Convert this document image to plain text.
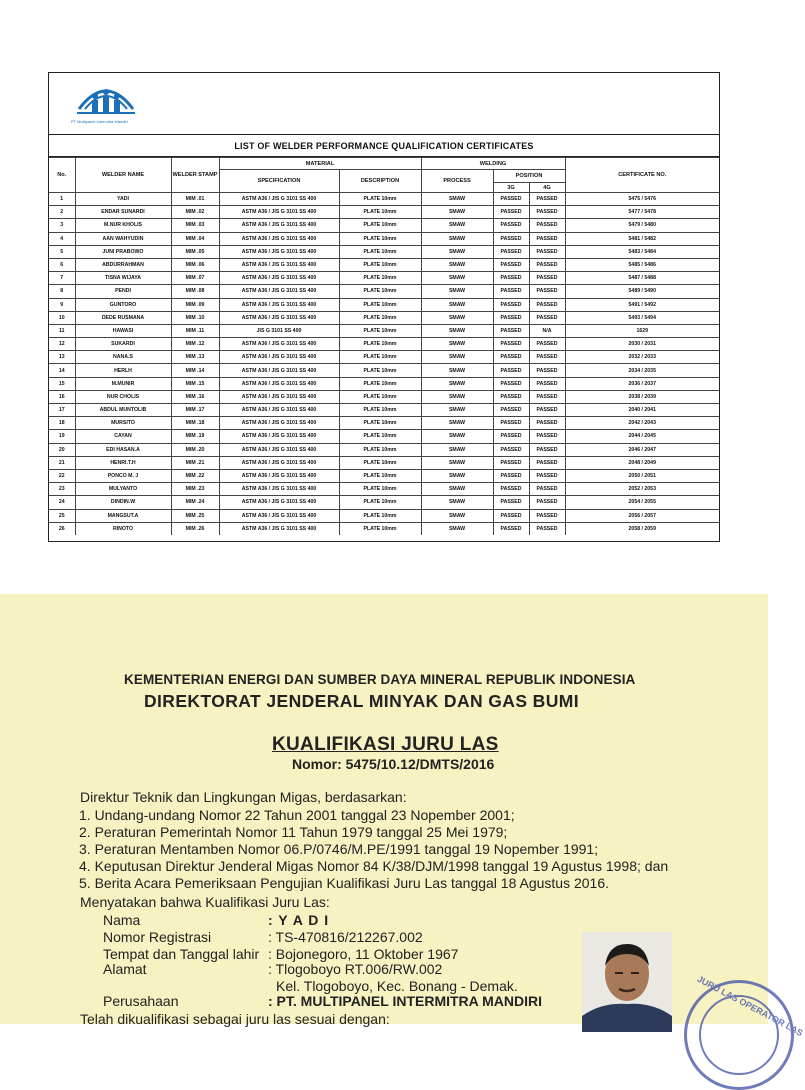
PT Multipanel Intermitra Mandiri
LIST OF WELDER PERFORMANCE QUALIFICATION CERTIFICATES
No.	WELDER NAME	WELDER STAMP	MATERIAL		WELDING			CERTIFICATE NO.
			SPECIFICATION	DESCRIPTION	PROCESS	POSITION		
						3G	4G	
1	YADI	MIM .01	ASTM A36 / JIS G 3101 SS 400	PLATE 10mm	SMAW	PASSED	PASSED	5475 / 5476
2	ENDAR SUNARDI	MIM .02	ASTM A36 / JIS G 3101 SS 400	PLATE 10mm	SMAW	PASSED	PASSED	5477 / 5478
3	M.NUR KHOLIS	MIM .03	ASTM A36 / JIS G 3101 SS 400	PLATE 10mm	SMAW	PASSED	PASSED	5479 / 5480
4	AAN WAHYUDIN	MIM .04	ASTM A36 / JIS G 3101 SS 400	PLATE 10mm	SMAW	PASSED	PASSED	5481 / 5482
5	JUNI PRABOWO	MIM .05	ASTM A36 / JIS G 3101 SS 400	PLATE 10mm	SMAW	PASSED	PASSED	5483 / 5484
6	ABDURRAHMAN	MIM .06	ASTM A36 / JIS G 3101 SS 400	PLATE 10mm	SMAW	PASSED	PASSED	5485 / 5486
7	TISNA WIJAYA	MIM .07	ASTM A36 / JIS G 3101 SS 400	PLATE 10mm	SMAW	PASSED	PASSED	5487 / 5488
8	PENDI	MIM .08	ASTM A36 / JIS G 3101 SS 400	PLATE 10mm	SMAW	PASSED	PASSED	5489 / 5490
9	GUNTORO	MIM .09	ASTM A36 / JIS G 3101 SS 400	PLATE 10mm	SMAW	PASSED	PASSED	5491 / 5492
10	DEDE RUSMANA	MIM .10	ASTM A36 / JIS G 3101 SS 400	PLATE 10mm	SMAW	PASSED	PASSED	5493 / 5494
11	HAWASI	MIM .11	JIS G 3101 SS 400	PLATE 10mm	SMAW	PASSED	N/A	1629
12	SUKARDI	MIM .12	ASTM A36 / JIS G 3101 SS 400	PLATE 10mm	SMAW	PASSED	PASSED	2030 / 2031
13	NANA.S	MIM .13	ASTM A36 / JIS G 3101 SS 400	PLATE 10mm	SMAW	PASSED	PASSED	2032 / 2033
14	HERLH	MIM .14	ASTM A36 / JIS G 3101 SS 400	PLATE 10mm	SMAW	PASSED	PASSED	2034 / 2035
15	M.MUNIR	MIM .15	ASTM A36 / JIS G 3101 SS 400	PLATE 10mm	SMAW	PASSED	PASSED	2036 / 2037
16	NUR CHOLIS	MIM .16	ASTM A36 / JIS G 3101 SS 400	PLATE 10mm	SMAW	PASSED	PASSED	2038 / 2039
17	ABDUL MUNTOLIB	MIM .17	ASTM A36 / JIS G 3101 SS 400	PLATE 10mm	SMAW	PASSED	PASSED	2040 / 2041
18	MURSITO	MIM .18	ASTM A36 / JIS G 3101 SS 400	PLATE 10mm	SMAW	PASSED	PASSED	2042 / 2043
19	CAYAN	MIM .19	ASTM A36 / JIS G 3101 SS 400	PLATE 10mm	SMAW	PASSED	PASSED	2044 / 2045
20	EDI HASAN.A	MIM .20	ASTM A36 / JIS G 3101 SS 400	PLATE 10mm	SMAW	PASSED	PASSED	2046 / 2047
21	HENRI.T.H	MIM .21	ASTM A36 / JIS G 3101 SS 400	PLATE 10mm	SMAW	PASSED	PASSED	2048 / 2049
22	PONCO M. J	MIM .22	ASTM A36 / JIS G 3101 SS 400	PLATE 10mm	SMAW	PASSED	PASSED	2050 / 2051
23	MULYANTO	MIM .23	ASTM A36 / JIS G 3101 SS 400	PLATE 10mm	SMAW	PASSED	PASSED	2052 / 2053
24	DINDIN.W	MIM .24	ASTM A36 / JIS G 3101 SS 400	PLATE 10mm	SMAW	PASSED	PASSED	2054 / 2055
25	MANGSUT.A	MIM .25	ASTM A36 / JIS G 3101 SS 400	PLATE 10mm	SMAW	PASSED	PASSED	2056 / 2057
26	RINOTO	MIM .26	ASTM A36 / JIS G 3101 SS 400	PLATE 10mm	SMAW	PASSED	PASSED	2058 / 2059
KEMENTERIAN ENERGI DAN SUMBER DAYA MINERAL REPUBLIK INDONESIA
DIREKTORAT JENDERAL MINYAK DAN GAS BUMI
KUALIFIKASI JURU LAS
Nomor: 5475/10.12/DMTS/2016
Direktur Teknik dan Lingkungan Migas, berdasarkan:
1. Undang-undang Nomor 22 Tahun 2001 tanggal 23 Nopember 2001;
2. Peraturan Pemerintah Nomor 11 Tahun 1979 tanggal 25 Mei 1979;
3. Peraturan Mentamben Nomor 06.P/0746/M.PE/1991 tanggal 19 Nopember 1991;
4. Keputusan Direktur Jenderal Migas Nomor 84 K/38/DJM/1998 tanggal 19 Agustus 1998; dan
5. Berita Acara Pemeriksaan Pengujian Kualifikasi Juru Las tanggal 18 Agustus 2016.
Menyatakan bahwa Kualifikasi Juru Las:
Nama	: Y A D I
Nomor Registrasi	: TS-470816/212267.002
Tempat dan Tanggal lahir : Bojonegoro, 11 Oktober 1967
Alamat	: Tlogoboyo RT.006/RW.002
Kel. Tlogoboyo, Kec. Bonang - Demak.
Perusahaan	: PT. MULTIPANEL INTERMITRA MANDIRI
Telah dikualifikasi sebagai juru las sesuai dengan:	JURU LAS OPERATOR LAS
